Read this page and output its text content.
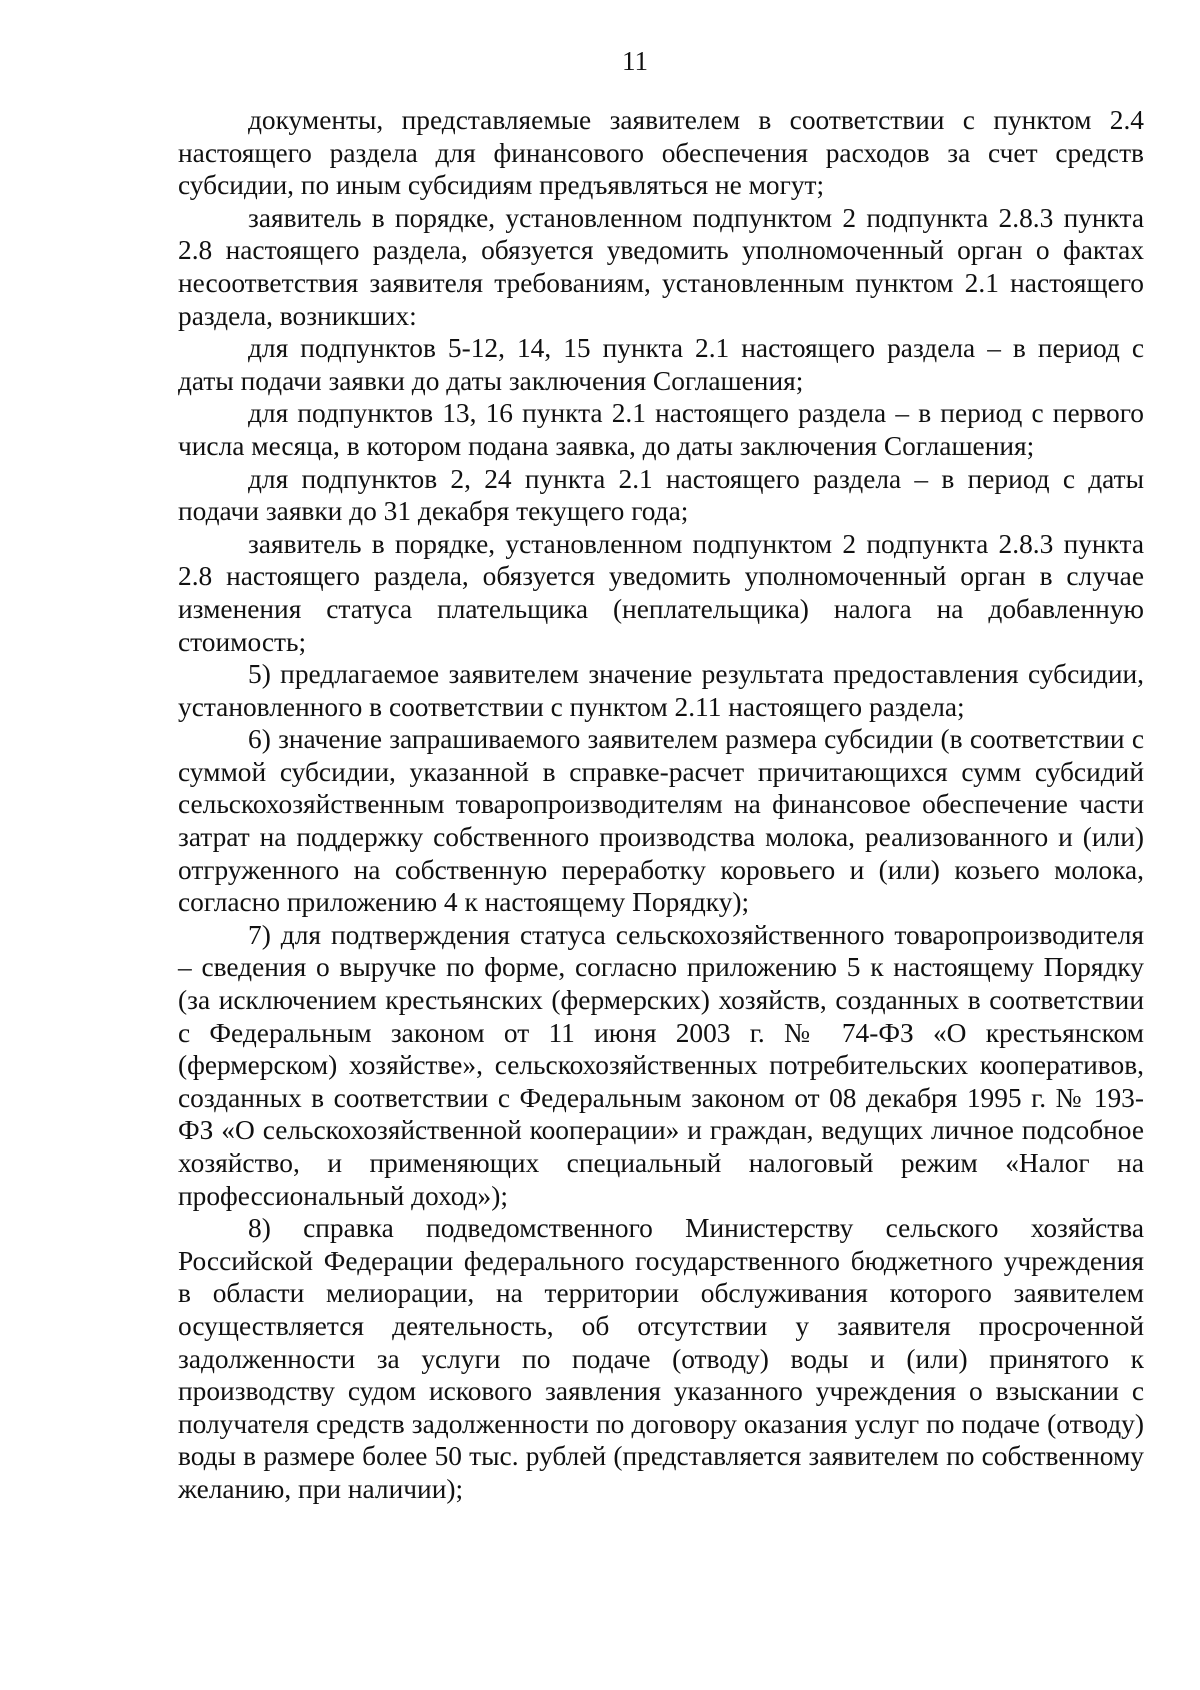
11

документы, представляемые заявителем в соответствии с пунктом 2.4 настоящего раздела для финансового обеспечения расходов за счет средств субсидии, по иным субсидиям предъявляться не могут;

заявитель в порядке, установленном подпунктом 2 подпункта 2.8.3 пункта 2.8 настоящего раздела, обязуется уведомить уполномоченный орган о фактах несоответствия заявителя требованиям, установленным пунктом 2.1 настоящего раздела, возникших:

для подпунктов 5-12, 14, 15 пункта 2.1 настоящего раздела – в период с даты подачи заявки до даты заключения Соглашения;

для подпунктов 13, 16 пункта 2.1 настоящего раздела – в период с первого числа месяца, в котором подана заявка, до даты заключения Соглашения;

для подпунктов 2, 24 пункта 2.1 настоящего раздела – в период с даты подачи заявки до 31 декабря текущего года;

заявитель в порядке, установленном подпунктом 2 подпункта 2.8.3 пункта 2.8 настоящего раздела, обязуется уведомить уполномоченный орган в случае изменения статуса плательщика (неплательщика) налога на добавленную стоимость;

5) предлагаемое заявителем значение результата предоставления субсидии, установленного в соответствии с пунктом 2.11 настоящего раздела;

6) значение запрашиваемого заявителем размера субсидии (в соответствии с суммой субсидии, указанной в справке-расчет причитающихся сумм субсидий сельскохозяйственным товаропроизводителям на финансовое обеспечение части затрат на поддержку собственного производства молока, реализованного и (или) отгруженного на собственную переработку коровьего и (или) козьего молока, согласно приложению 4 к настоящему Порядку);

7) для подтверждения статуса сельскохозяйственного товаропроизводителя – сведения о выручке по форме, согласно приложению 5 к настоящему Порядку (за исключением крестьянских (фермерских) хозяйств, созданных в соответствии с Федеральным законом от 11 июня 2003 г. № 74-ФЗ «О крестьянском (фермерском) хозяйстве», сельскохозяйственных потребительских кооперативов, созданных в соответствии с Федеральным законом от 08 декабря 1995 г. № 193-ФЗ «О сельскохозяйственной кооперации» и граждан, ведущих личное подсобное хозяйство, и применяющих специальный налоговый режим «Налог на профессиональный доход»);

8) справка подведомственного Министерству сельского хозяйства Российской Федерации федерального государственного бюджетного учреждения в области мелиорации, на территории обслуживания которого заявителем осуществляется деятельность, об отсутствии у заявителя просроченной задолженности за услуги по подаче (отводу) воды и (или) принятого к производству судом искового заявления указанного учреждения о взыскании с получателя средств задолженности по договору оказания услуг по подаче (отводу) воды в размере более 50 тыс. рублей (представляется заявителем по собственному желанию, при наличии);
